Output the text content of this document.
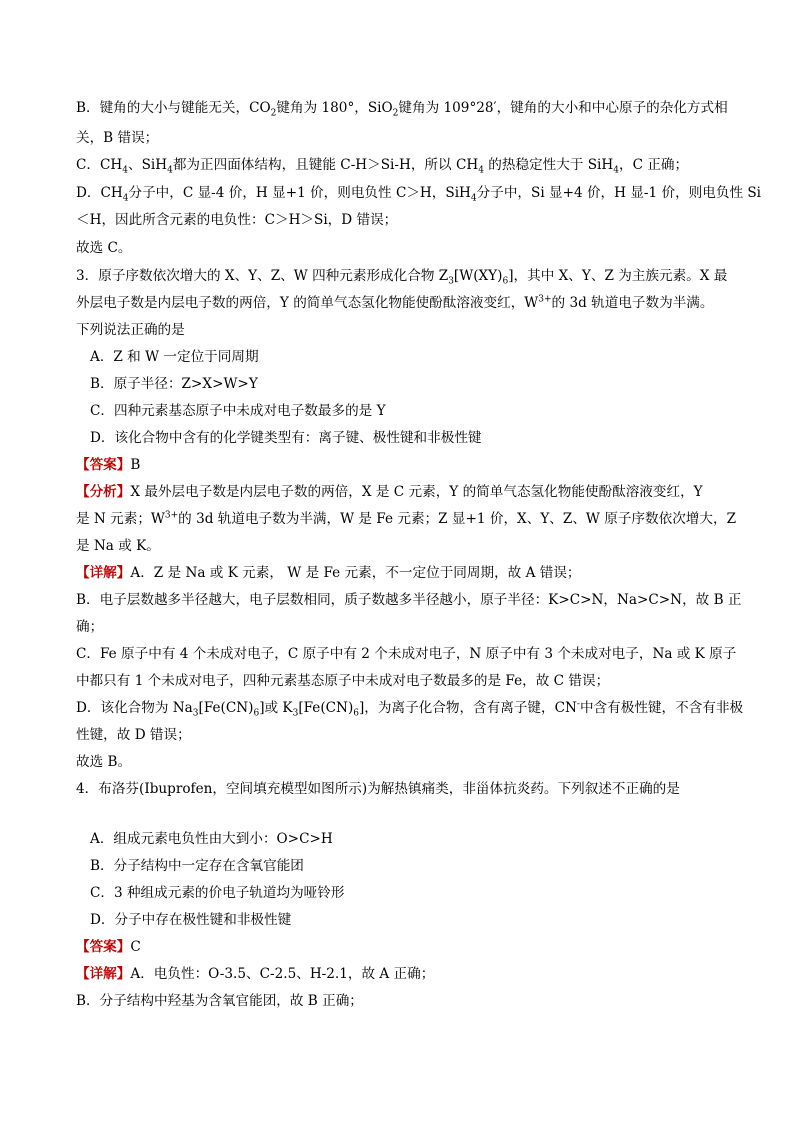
B．键角的大小与键能无关，$CO_2$键角为 180°，SiO$_2$键角为 109°28′，键角的大小和中心原子的杂化方式相
关，B 错误；
C．$CH_4$、SiH$_4$都为正四面体结构，且键能 C-H＞Si-H，所以 $CH_4$ 的热稳定性大于 SiH$_4$，C 正确；
D．$CH_4$分子中，C 显-4 价，H 显+1 价，则电负性 C＞H，SiH$_4$分子中，Si 显+4 价，H 显-1 价，则电负性 Si
＜H，因此所含元素的电负性：C＞H＞Si，D 错误；
故选 C。
3．原子序数依次增大的 X、Y、Z、W 四种元素形成化合物 $Z_3[W(XY)_6]$，其中 X、Y、Z 为主族元素。X 最
外层电子数是内层电子数的两倍，Y 的简单气态氢化物能使酚酞溶液变红，$W^{3+}$的 3d 轨道电子数为半满。
下列说法正确的是
A．Z 和 W 一定位于同周期
B．原子半径：Z>X>W>Y
C．四种元素基态原子中未成对电子数最多的是 Y
D．该化合物中含有的化学键类型有：离子键、极性键和非极性键
【答案】B
【分析】X 最外层电子数是内层电子数的两倍，X 是 C 元素，Y 的简单气态氢化物能使酚酞溶液变红，Y
是 N 元素；$W^{3+}$的 3d 轨道电子数为半满，W 是 Fe 元素；Z 显+1 价，X、Y、Z、W 原子序数依次增大，Z
是 Na 或 K。
【详解】A．Z 是 Na 或 K 元素， W 是 Fe 元素，不一定位于同周期，故 A 错误；
B．电子层数越多半径越大，电子层数相同，质子数越多半径越小，原子半径：K>C>N，Na>C>N，故 B 正
确；
C．Fe 原子中有 4 个未成对电子，C 原子中有 2 个未成对电子，N 原子中有 3 个未成对电子，Na 或 K 原子
中都只有 1 个未成对电子，四种元素基态原子中未成对电子数最多的是 Fe，故 C 错误；
D．该化合物为 $Na_3[Fe(CN)_6]$或 $K_3[Fe(CN)_6]$，为离子化合物，含有离子键，CN-中含有极性键，不含有非极
性键，故 D 错误；
故选 B。
4．布洛芬(Ibuprofen，空间填充模型如图所示)为解热镇痛类，非甾体抗炎药。下列叙述不正确的是
A．组成元素电负性由大到小：O>C>H
B．分子结构中一定存在含氧官能团
C．3 种组成元素的价电子轨道均为哑铃形
D．分子中存在极性键和非极性键
【答案】C
【详解】A．电负性：O-3.5、C-2.5、H-2.1，故 A 正确；
B．分子结构中羟基为含氧官能团，故 B 正确；
